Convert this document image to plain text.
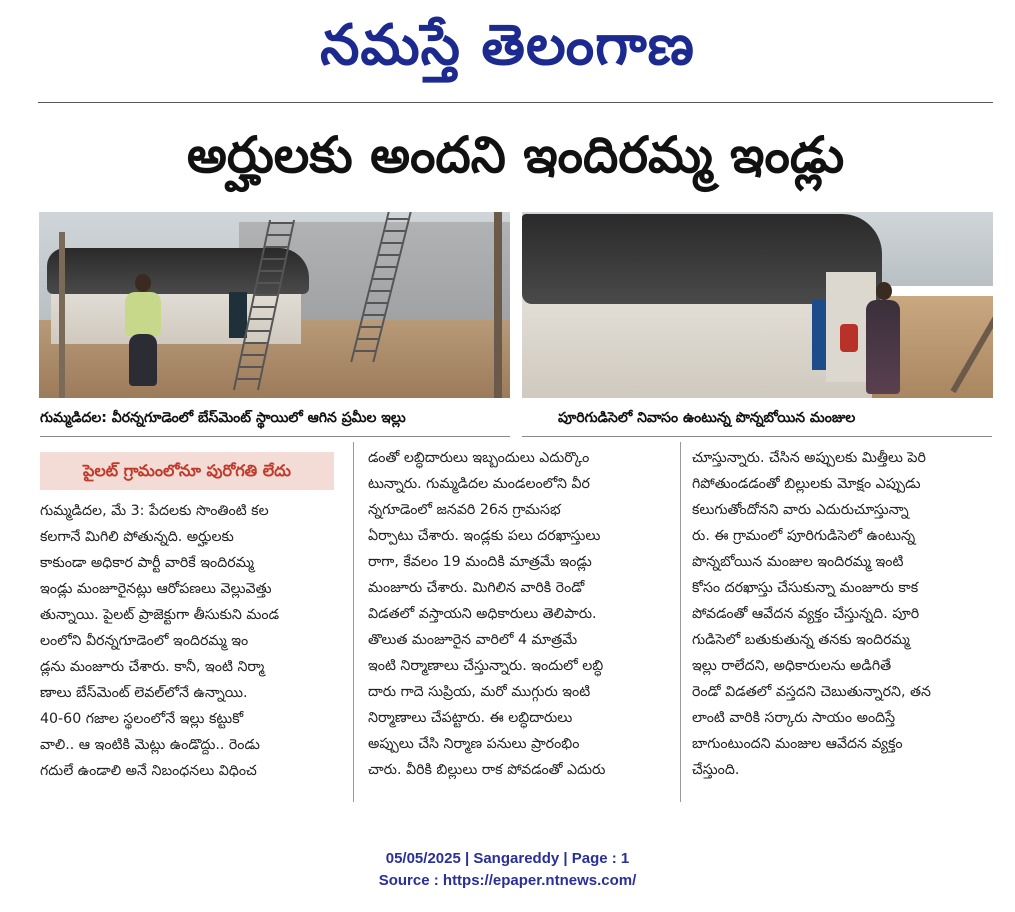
నమస్తే తెలంగాణ
అర్హులకు అందని ఇందిరమ్మ ఇండ్లు
గుమ్మడిదల: వీరన్నగూడెంలో బేస్‌మెంట్ స్థాయిలో ఆగిన ప్రమీల ఇల్లు	పూరిగుడిసెలో నివాసం ఉంటున్న పొన్నబోయిన మంజుల
పైలట్ గ్రామంలోనూ పురోగతి లేదు

గుమ్మడిదల, మే 3: పేదలకు సొంతింటి కల

కలగానే మిగిలి పోతున్నది. అర్హులకు

కాకుండా అధికార పార్టీ వారికే ఇందిరమ్మ

ఇండ్లు మంజూరైనట్లు ఆరోపణలు వెల్లువెత్తు

తున్నాయి. పైలట్ ప్రాజెక్టుగా తీసుకుని మండ

లంలోని వీరన్నగూడెంలో ఇందిరమ్మ ఇం

డ్లను మంజూరు చేశారు. కానీ, ఇంటి నిర్మా

ణాలు బేస్‌మెంట్ లెవల్‌లోనే ఉన్నాయి.

40-60 గజాల స్థలంలోనే ఇల్లు కట్టుకో

వాలి.. ఆ ఇంటికి మెట్లు ఉండొద్దు.. రెండు

గదులే ఉండాలి అనే నిబంధనలు విధించ

డంతో లబ్ధిదారులు ఇబ్బందులు ఎదుర్కొం

టున్నారు. గుమ్మడిదల మండలంలోని వీర

న్నగూడెంలో జనవరి 26న గ్రామసభ

ఏర్పాటు చేశారు. ఇండ్లకు పలు దరఖాస్తులు

రాగా, కేవలం 19 మందికి మాత్రమే ఇండ్లు

మంజూరు చేశారు. మిగిలిన వారికి రెండో

విడతలో వస్తాయని అధికారులు తెలిపారు.

తొలుత మంజూరైన వారిలో 4 మాత్రమే

ఇంటి నిర్మాణాలు చేస్తున్నారు. ఇందులో లబ్ధి

దారు గాదె సుప్రియ, మరో ముగ్గురు ఇంటి

నిర్మాణాలు చేపట్టారు. ఈ లబ్ధిదారులు

అప్పులు చేసి నిర్మాణ పనులు ప్రారంభిం

చారు. వీరికి బిల్లులు రాక పోవడంతో ఎదురు

చూస్తున్నారు. చేసిన అప్పులకు మిత్తీలు పెరి

గిపోతుండడంతో బిల్లులకు మోక్షం ఎప్పుడు

కలుగుతోందోనని వారు ఎదురుచూస్తున్నా

రు. ఈ గ్రామంలో పూరిగుడిసెలో ఉంటున్న

పొన్నబోయిన మంజుల ఇందిరమ్మ ఇంటి

కోసం దరఖాస్తు చేసుకున్నా మంజూరు కాక

పోవడంతో ఆవేదన వ్యక్తం చేస్తున్నది. పూరి

గుడిసెలో బతుకుతున్న తనకు ఇందిరమ్మ

ఇల్లు రాలేదని, అధికారులను అడిగితే

రెండో విడతలో వస్తదని చెబుతున్నారని, తన

లాంటి వారికి సర్కారు సాయం అందిస్తే

బాగుంటుందని మంజుల ఆవేదన వ్యక్తం

చేస్తుంది.

05/05/2025 | Sangareddy | Page : 1
Source : https://epaper.ntnews.com/
